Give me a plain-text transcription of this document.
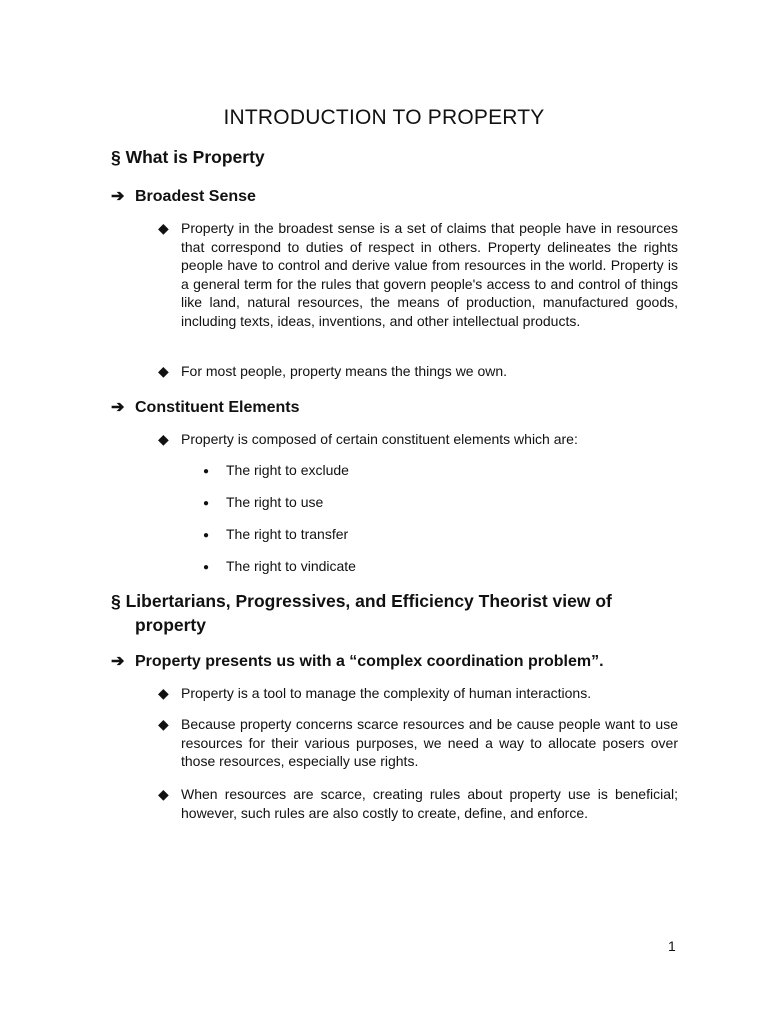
INTRODUCTION TO PROPERTY
§ What is Property
➔ Broadest Sense
◆ Property in the broadest sense is a set of claims that people have in resources that correspond to duties of respect in others. Property delineates the rights people have to control and derive value from resources in the world. Property is a general term for the rules that govern people's access to and control of things like land, natural resources, the means of production, manufactured goods, including texts, ideas, inventions, and other intellectual products.
◆ For most people, property means the things we own.
➔ Constituent Elements
◆ Property is composed of certain constituent elements which are:
● The right to exclude
● The right to use
● The right to transfer
● The right to vindicate
§ Libertarians, Progressives, and Efficiency Theorist view of
property
➔ Property presents us with a “complex coordination problem”.
◆ Property is a tool to manage the complexity of human interactions.
◆ Because property concerns scarce resources and be cause people want to use resources for their various purposes, we need a way to allocate posers over those resources, especially use rights.
◆ When resources are scarce, creating rules about property use is beneficial; however, such rules are also costly to create, define, and enforce.
1
